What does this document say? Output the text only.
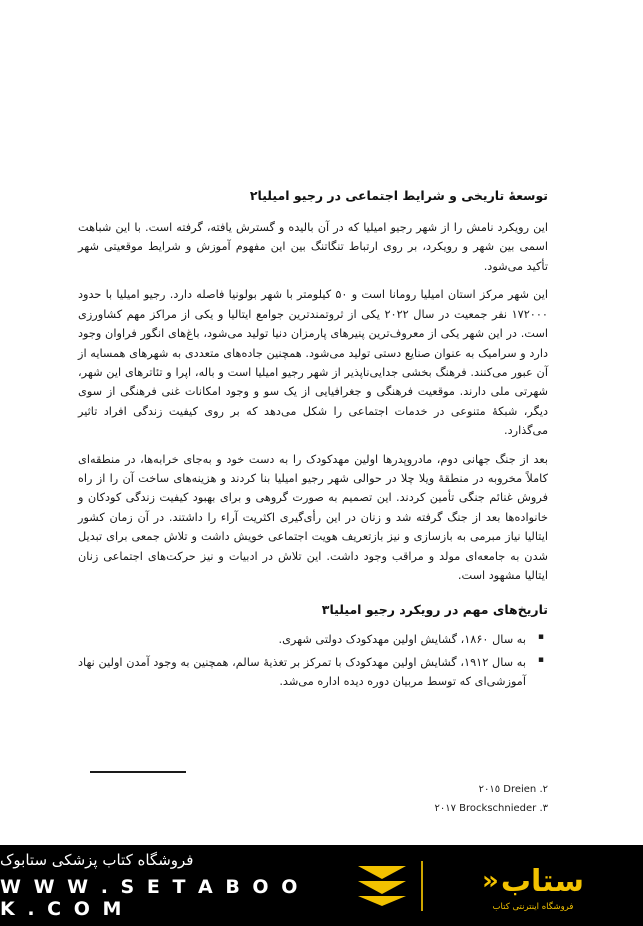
توسعهٔ تاریخی و شرایط اجتماعی در رجیو امیلیا٢

این رویکرد نامش را از شهر رجیو امیلیا که در آن بالیده و گسترش یافته، گرفته است. با این شباهت اسمی بین شهر و رویکرد، بر روی ارتباط تنگاتنگ بین این مفهوم آموزش و شرایط موقعیتی شهر تأکید می‌شود.

این شهر مرکز استان امیلیا رومانا است و ۵۰ کیلومتر با شهر بولونیا فاصله دارد. رجیو امیلیا با حدود ۱۷۲۰۰۰ نفر جمعیت در سال ۲۰۲۲ یکی از ثروتمندترین جوامع ایتالیا و یکی از مراکز مهم کشاورزی است. در این شهر یکی از معروف‌ترین پنیرهای پارمزان دنیا تولید می‌شود، باغ‌های انگور فراوان وجود دارد و سرامیک به عنوان صنایع دستی تولید می‌شود. همچنین جاده‌های متعددی به شهرهای همسایه از آن عبور می‌کنند. فرهنگ بخشی جدایی‌ناپذیر از شهر رجیو امیلیا است و باله، اپرا و تئاترهای این شهر، شهرتی ملی دارند. موقعیت فرهنگی و جغرافیایی از یک سو و وجود امکانات غنی فرهنگی از سوی دیگر، شبکهٔ متنوعی در خدمات اجتماعی را شکل می‌دهد که بر روی کیفیت زندگی افراد تاثیر می‌گذارد.

بعد از جنگ جهانی دوم، مادر‌وپدرها اولین مهدکودک را به دست خود و به‌جای خرابه‌ها، در منطقه‌ای کاملاً مخروبه در منطقهٔ ویلا چلا در حوالی شهر رجیو امیلیا بنا کردند و هزینه‌های ساخت آن را از راه فروش غنائم جنگی تأمین کردند. این تصمیم به صورت گروهی و برای بهبود کیفیت زندگی کودکان و خانواده‌ها بعد از جنگ گرفته شد و زنان در این رأی‌گیری اکثریت آراء را داشتند. در آن زمان کشور ایتالیا نیاز مبرمی به بازسازی و نیز بازتعریف هویت اجتماعی خویش داشت و تلاش جمعی برای تبدیل شدن به جامعه‌ای مولد و مراقب وجود داشت. این تلاش در ادبیات و نیز حرکت‌های اجتماعی زنان ایتالیا مشهود است.

تاریخ‌های مهم در رویکرد رجیو امیلیا٣
▪ به سال ۱۸۶۰، گشایش اولین مهدکودک دولتی شهری.
▪ به سال ۱۹۱۲، گشایش اولین مهدکودک با تمرکز بر تغذیهٔ سالم، همچنین به وجود آمدن اولین نهاد آموزشی‌ای که توسط مربیان دوره دیده اداره می‌شد.
٢. Dreien ٢٠١٥
٣. Brockschnieder ٢٠١٧
ستاب
«
فروشگاه اینترنتی کتاب
فروشگاه کتاب پزشکی ستابوک
W W W . S E T A B O O K . C O M
